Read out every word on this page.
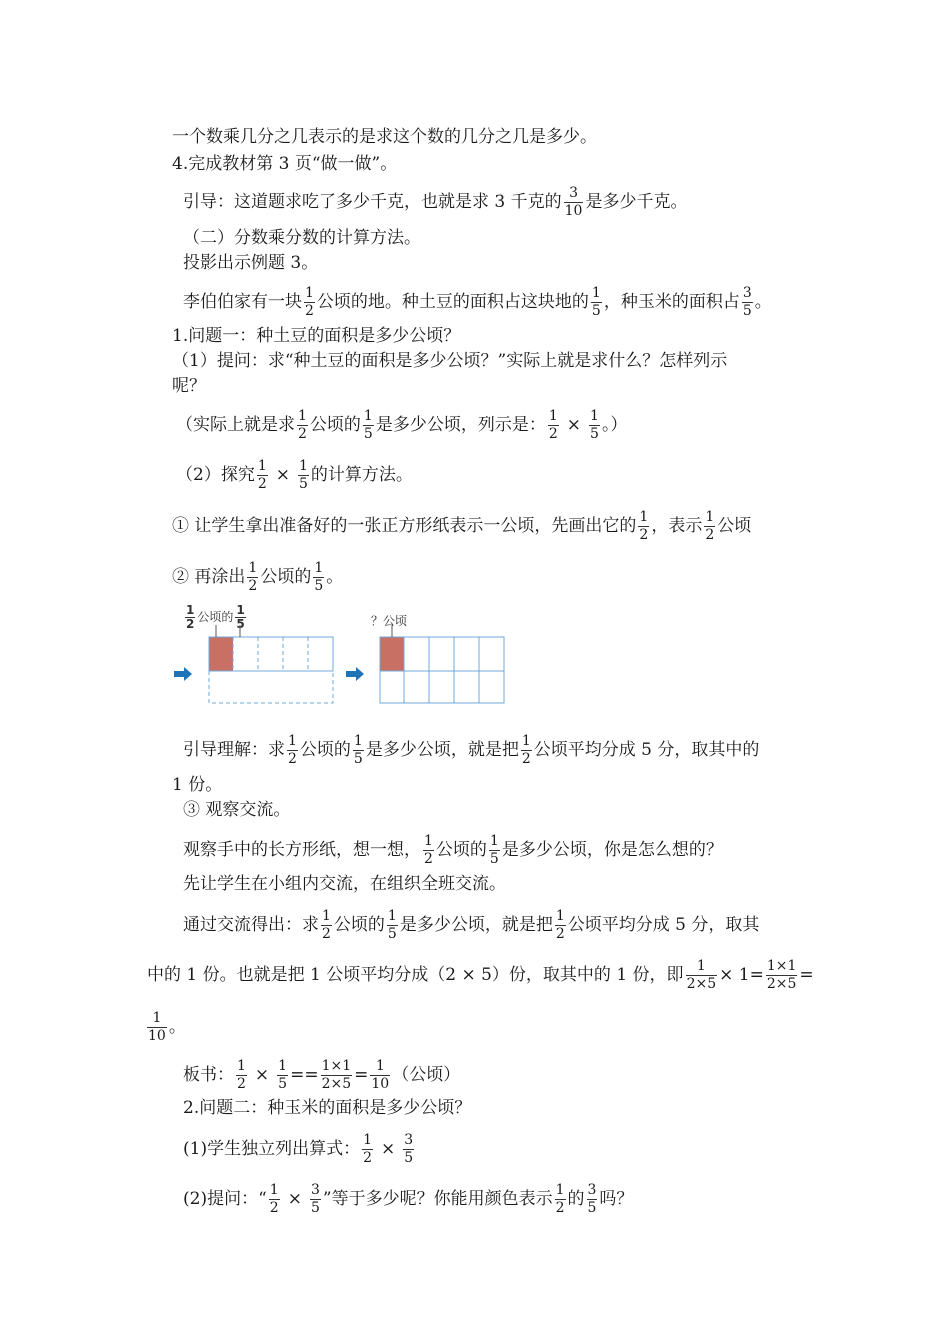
一个数乘几分之几表示的是求这个数的几分之几是多少。
4.完成教材第 3 页“做一做”。
引导：这道题求吃了多少千克，也就是求 3 千克的 $\frac{3}{10}$ 是多少千克。
（二）分数乘分数的计算方法。
投影出示例题 3。
李伯伯家有一块 $\frac{1}{2}$ 公顷的地。种土豆的面积占这块地的 $\frac{1}{5}$ ，种玉米的面积占 $\frac{3}{5}$ 。
1.问题一：种土豆的面积是多少公顷？
（1）提问：求“种土豆的面积是多少公顷？”实际上就是求什么？怎样列示
呢？
（实际上就是求 $\frac{1}{2}$ 公顷的 $\frac{1}{5}$ 是多少公顷，列示是： $\frac{1}{2} \times \frac{1}{5}$ 。）
（2）探究 $\frac{1}{2} \times \frac{1}{5}$ 的计算方法。
① 让学生拿出准备好的一张正方形纸表示一公顷，先画出它的 $\frac{1}{2}$ ，表示 $\frac{1}{2}$ 公顷
② 再涂出 $\frac{1}{2}$ 公顷的 $\frac{1}{5}$ 。
$\frac{1}{2}$ 公顷的 $\frac{1}{5}$	？公顷
引导理解：求 $\frac{1}{2}$ 公顷的 $\frac{1}{5}$ 是多少公顷，就是把 $\frac{1}{2}$ 公顷平均分成 5 分，取其中的
1 份。
③ 观察交流。
观察手中的长方形纸，想一想， $\frac{1}{2}$ 公顷的 $\frac{1}{5}$ 是多少公顷，你是怎么想的？
先让学生在小组内交流，在组织全班交流。
通过交流得出：求 $\frac{1}{2}$ 公顷的 $\frac{1}{5}$ 是多少公顷，就是把 $\frac{1}{2}$ 公顷平均分成 5 分，取其
中的 1 份。也就是把 1 公顷平均分成（2 × 5）份，取其中的 1 份，即 $\frac{1}{2\times 5} \times 1= \frac{1\times 1}{2\times 5}$ =
$\frac{1}{10}$ 。
板书： $\frac{1}{2} \times \frac{1}{5} == \frac{1\times 1}{2\times 5} = \frac{1}{10}$ （公顷）
2.问题二：种玉米的面积是多少公顷？
(1)学生独立列出算式： $\frac{1}{2} \times \frac{3}{5}$
(2)提问：“ $\frac{1}{2} \times \frac{3}{5}$ ”等于多少呢？你能用颜色表示 $\frac{1}{2}$ 的 $\frac{3}{5}$ 吗？
